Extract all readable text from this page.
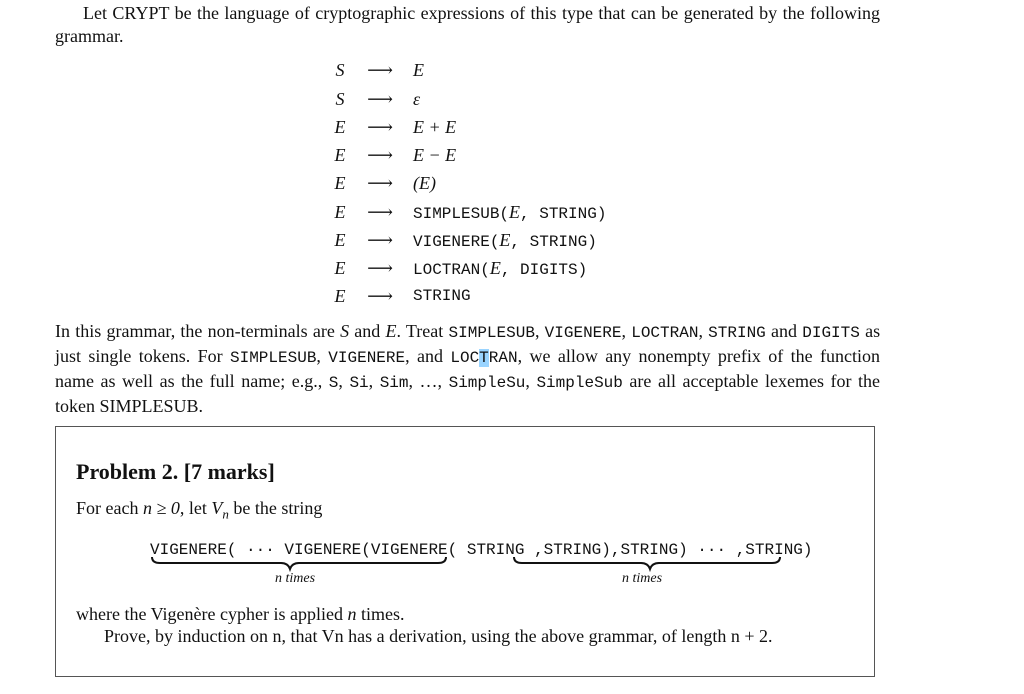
Let CRYPT be the language of cryptographic expressions of this type that can be generated by the following grammar.

S	⟶ E
S	⟶ ε
E ⟶ E + E
E ⟶ E − E
E ⟶ (E)
E ⟶	SIMPLESUB(E, STRING)
E ⟶	VIGENERE(E, STRING)
E ⟶	LOCTRAN(E, DIGITS)
E ⟶	STRING

In this grammar, the non-terminals are S and E. Treat SIMPLESUB, VIGENERE, LOCTRAN, STRING and DIGITS as just single tokens. For SIMPLESUB, VIGENERE, and LOCTRAN, we allow any nonempty prefix of the function name as well as the full name; e.g., S, Si, Sim, …, SimpleSu, SimpleSub are all acceptable lexemes for the token SIMPLESUB.

Problem 2. [7 marks]
For each n ≥ 0, let $V_n$ be the string
VIGENERE( ··· VIGENERE(VIGENERE( STRING ,STRING),STRING) ··· ,STRING)
n times	n times
where the Vigenère cypher is applied n times.
Prove, by induction on n, that Vn has a derivation, using the above grammar, of length n + 2.
